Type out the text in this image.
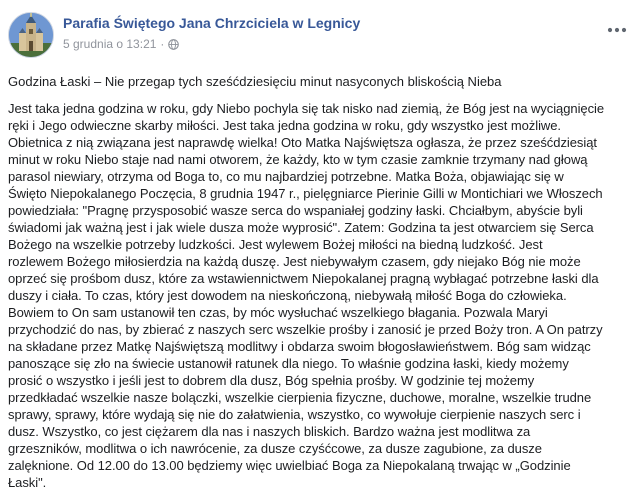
Parafia Świętego Jana Chrzciciela w Legnicy
5 grudnia o 13:21 ·
Godzina Łaski – Nie przegap tych sześćdziesięciu minut nasyconych bliskością Nieba
Jest taka jedna godzina w roku, gdy Niebo pochyla się tak nisko nad ziemią, że Bóg jest na wyciągnięcie
ręki i Jego odwieczne skarby miłości. Jest taka jedna godzina w roku, gdy wszystko jest możliwe.
Obietnica z nią związana jest naprawdę wielka! Oto Matka Najświętsza ogłasza, że przez sześćdziesiąt
minut w roku Niebo staje nad nami otworem, że każdy, kto w tym czasie zamknie trzymany nad głową
parasol niewiary, otrzyma od Boga to, co mu najbardziej potrzebne. Matka Boża, objawiając się w
Święto Niepokalanego Poczęcia, 8 grudnia 1947 r., pielęgniarce Pierinie Gilli w Montichiari we Włoszech
powiedziała: "Pragnę przysposobić wasze serca do wspaniałej godziny łaski. Chciałbym, abyście byli
świadomi jak ważną jest i jak wiele dusza może wyprosić". Zatem: Godzina ta jest otwarciem się Serca
Bożego na wszelkie potrzeby ludzkości. Jest wylewem Bożej miłości na biedną ludzkość. Jest
rozlewem Bożego miłosierdzia na każdą duszę. Jest niebywałym czasem, gdy niejako Bóg nie może
oprzeć się prośbom dusz, które za wstawiennictwem Niepokalanej pragną wybłagać potrzebne łaski dla
duszy i ciała. To czas, który jest dowodem na nieskończoną, niebywałą miłość Boga do człowieka.
Bowiem to On sam ustanowił ten czas, by móc wysłuchać wszelkiego błagania. Pozwala Maryi
przychodzić do nas, by zbierać z naszych serc wszelkie prośby i zanosić je przed Boży tron. A On patrzy
na składane przez Matkę Najświętszą modlitwy i obdarza swoim błogosławieństwem. Bóg sam widząc
panoszące się zło na świecie ustanowił ratunek dla niego. To właśnie godzina łaski, kiedy możemy
prosić o wszystko i jeśli jest to dobrem dla dusz, Bóg spełnia prośby. W godzinie tej możemy
przedkładać wszelkie nasze bolączki, wszelkie cierpienia fizyczne, duchowe, moralne, wszelkie trudne
sprawy, sprawy, które wydają się nie do załatwienia, wszystko, co wywołuje cierpienie naszych serc i
dusz. Wszystko, co jest ciężarem dla nas i naszych bliskich. Bardzo ważna jest modlitwa za
grzeszników, modlitwa o ich nawrócenie, za dusze czyśćcowe, za dusze zagubione, za dusze
zalęknione. Od 12.00 do 13.00 będziemy więc uwielbiać Boga za Niepokalaną trwając w „Godzinie
Łaski".
